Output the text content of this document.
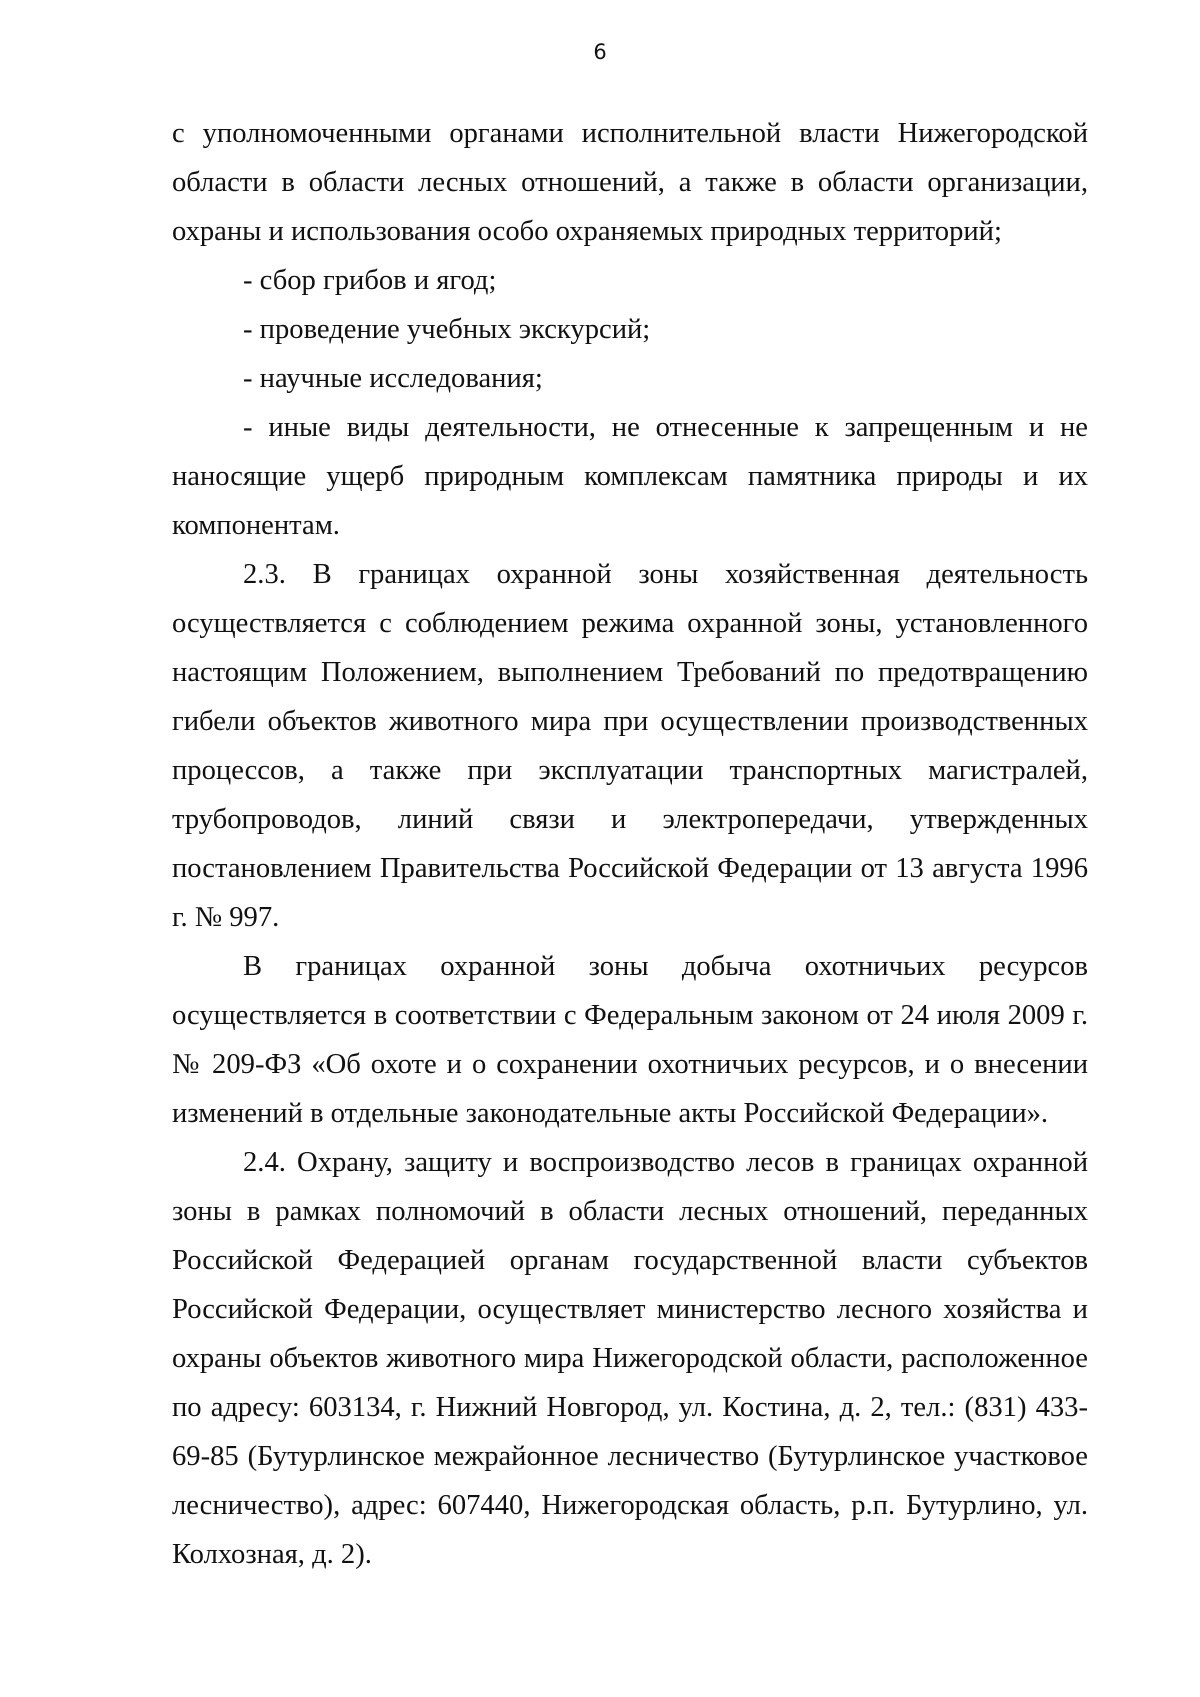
6

с уполномоченными органами исполнительной власти Нижегородской области в области лесных отношений, а также в области организации, охраны и использования особо охраняемых природных территорий;

- сбор грибов и ягод;

- проведение учебных экскурсий;

- научные исследования;

- иные виды деятельности, не отнесенные к запрещенным и не наносящие ущерб природным комплексам памятника природы и их компонентам.

2.3. В границах охранной зоны хозяйственная деятельность осуществляется с соблюдением режима охранной зоны, установленного настоящим Положением, выполнением Требований по предотвращению гибели объектов животного мира при осуществлении производственных процессов, а также при эксплуатации транспортных магистралей, трубопроводов, линий связи и электропередачи, утвержденных постановлением Правительства Российской Федерации от 13 августа 1996 г. № 997.

В границах охранной зоны добыча охотничьих ресурсов осуществляется в соответствии с Федеральным законом от 24 июля 2009 г. № 209-ФЗ «Об охоте и о сохранении охотничьих ресурсов, и о внесении изменений в отдельные законодательные акты Российской Федерации».

2.4. Охрану, защиту и воспроизводство лесов в границах охранной зоны в рамках полномочий в области лесных отношений, переданных Российской Федерацией органам государственной власти субъектов Российской Федерации, осуществляет министерство лесного хозяйства и охраны объектов животного мира Нижегородской области, расположенное по адресу: 603134, г. Нижний Новгород, ул. Костина, д. 2, тел.: (831) 433-69-85 (Бутурлинское межрайонное лесничество (Бутурлинское участковое лесничество), адрес: 607440, Нижегородская область, р.п. Бутурлино, ул. Колхозная, д. 2).
